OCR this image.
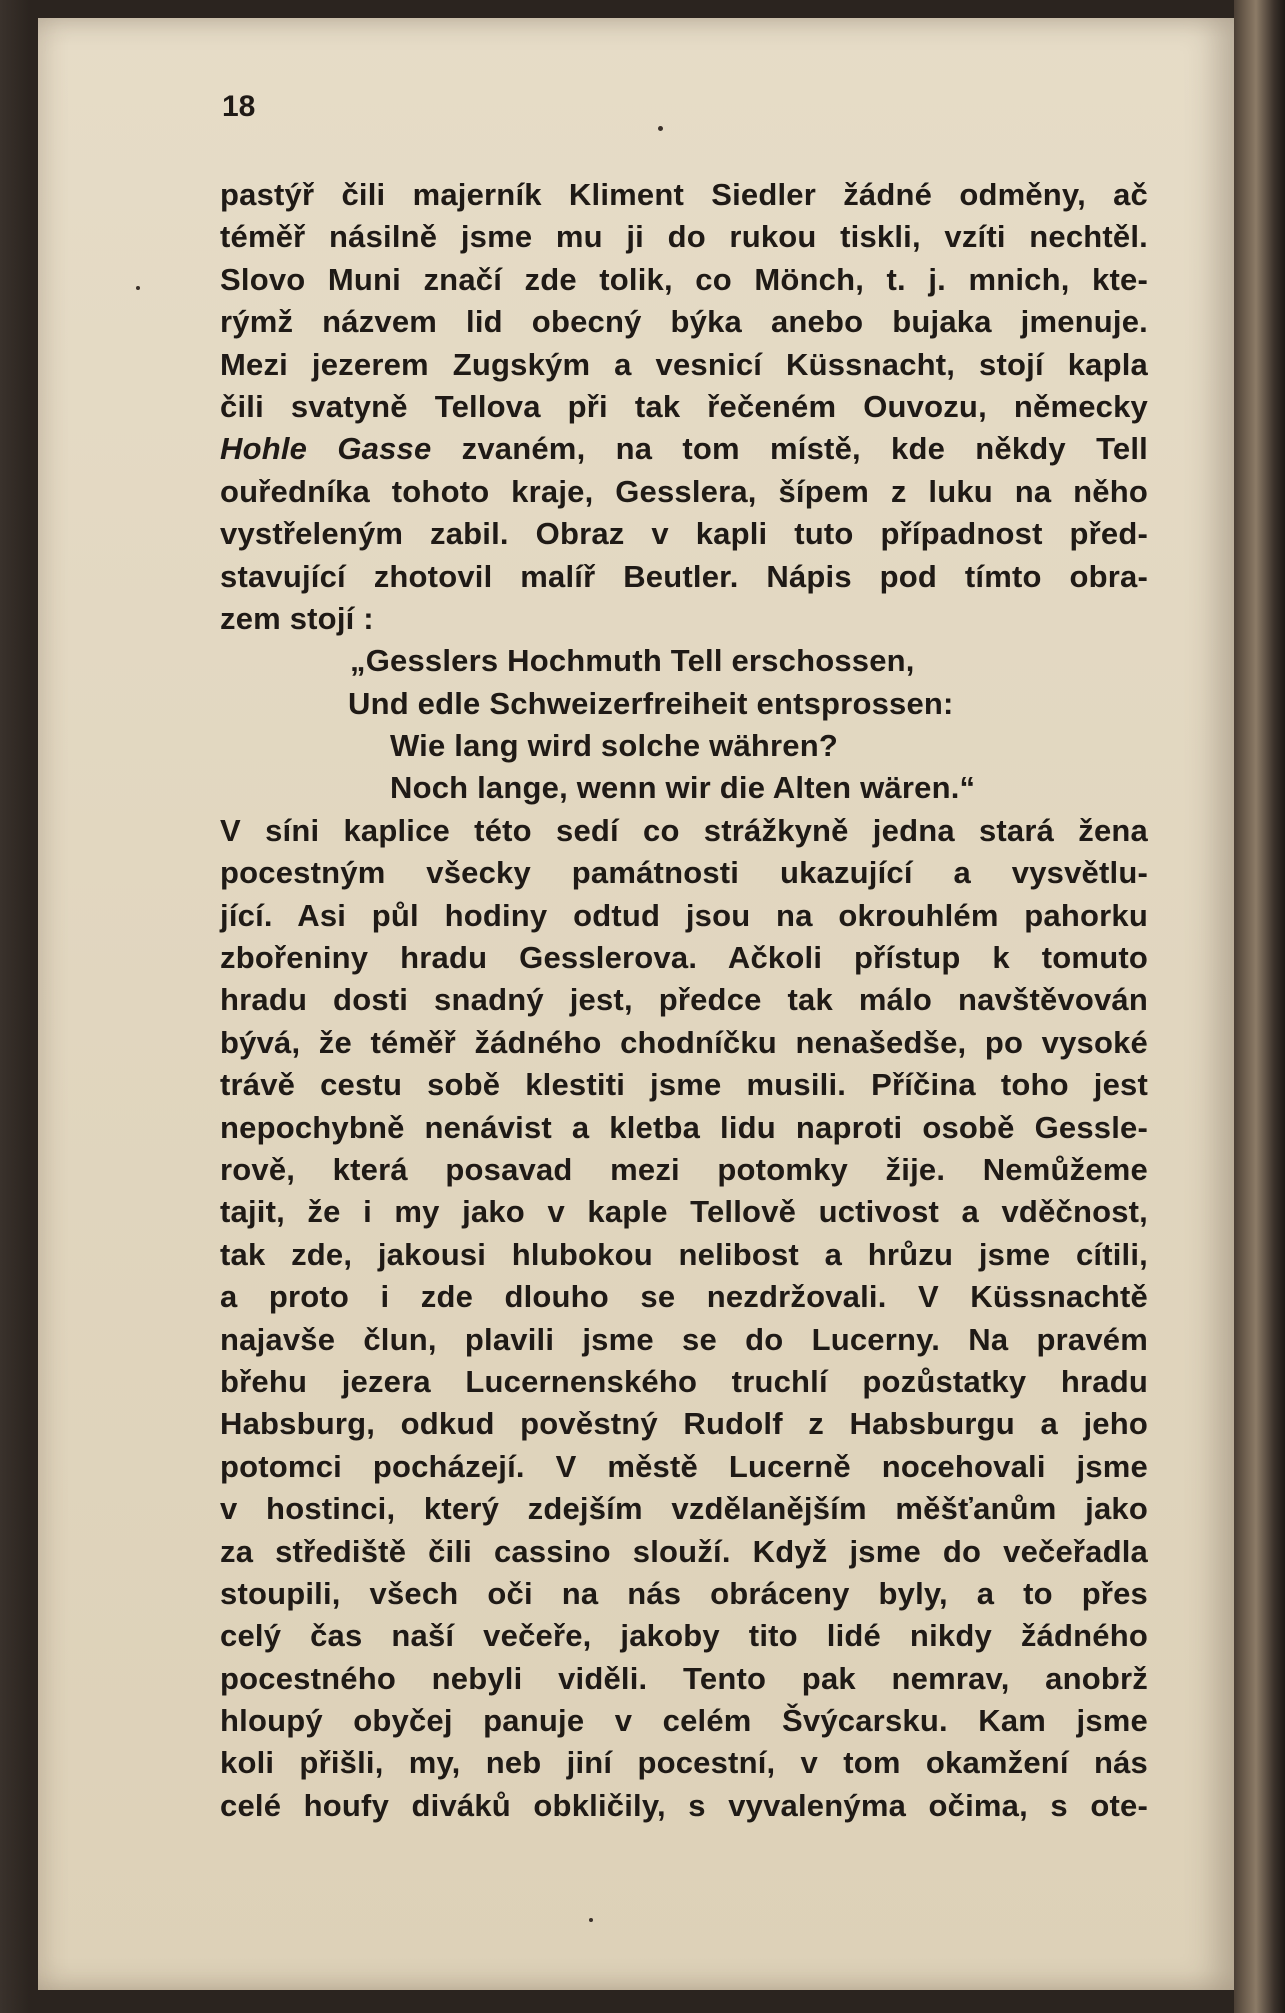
18
pastýř čili majerník Kliment Siedler žádné odměny, ač
téměř násilně jsme mu ji do rukou tiskli, vzíti nechtěl.
Slovo Muni značí zde tolik, co Mönch, t. j. mnich, kte-
rýmž názvem lid obecný býka anebo bujaka jmenuje.
Mezi jezerem Zugským a vesnicí Küssnacht, stojí kapla
čili svatyně Tellova při tak řečeném Ouvozu, německy
Hohle Gasse zvaném, na tom místě, kde někdy Tell
ouředníka tohoto kraje, Gesslera, šípem z luku na něho
vystřeleným zabil. Obraz v kapli tuto případnost před-
stavující zhotovil malíř Beutler. Nápis pod tímto obra-
zem stojí :
„Gesslers Hochmuth Tell erschossen,
Und edle Schweizerfreiheit entsprossen:
Wie lang wird solche währen?
Noch lange, wenn wir die Alten wären.“
V síni kaplice této sedí co strážkyně jedna stará žena
pocestným všecky památnosti ukazující a vysvětlu-
jící. Asi půl hodiny odtud jsou na okrouhlém pahorku
zbořeniny hradu Gesslerova. Ačkoli přístup k tomuto
hradu dosti snadný jest, předce tak málo navštěvován
bývá, že téměř žádného chodníčku nenašedše, po vysoké
trávě cestu sobě klestiti jsme musili. Příčina toho jest
nepochybně nenávist a kletba lidu naproti osobě Gessle-
rově, která posavad mezi potomky žije. Nemůžeme
tajit, že i my jako v kaple Tellově uctivost a vděčnost,
tak zde, jakousi hlubokou nelibost a hrůzu jsme cítili,
a proto i zde dlouho se nezdržovali. V Küssnachtě
najavše člun, plavili jsme se do Lucerny. Na pravém
břehu jezera Lucernenského truchlí pozůstatky hradu
Habsburg, odkud pověstný Rudolf z Habsburgu a jeho
potomci pocházejí. V městě Lucerně nocehovali jsme
v hostinci, který zdejším vzdělanějším měšťanům jako
za střediště čili cassino slouží. Když jsme do večeřadla
stoupili, všech oči na nás obráceny byly, a to přes
celý čas naší večeře, jakoby tito lidé nikdy žádného
pocestného nebyli viděli. Tento pak nemrav, anobrž
hloupý obyčej panuje v celém Švýcarsku. Kam jsme
koli přišli, my, neb jiní pocestní, v tom okamžení nás
celé houfy diváků obkličily, s vyvalenýma očima, s ote-
